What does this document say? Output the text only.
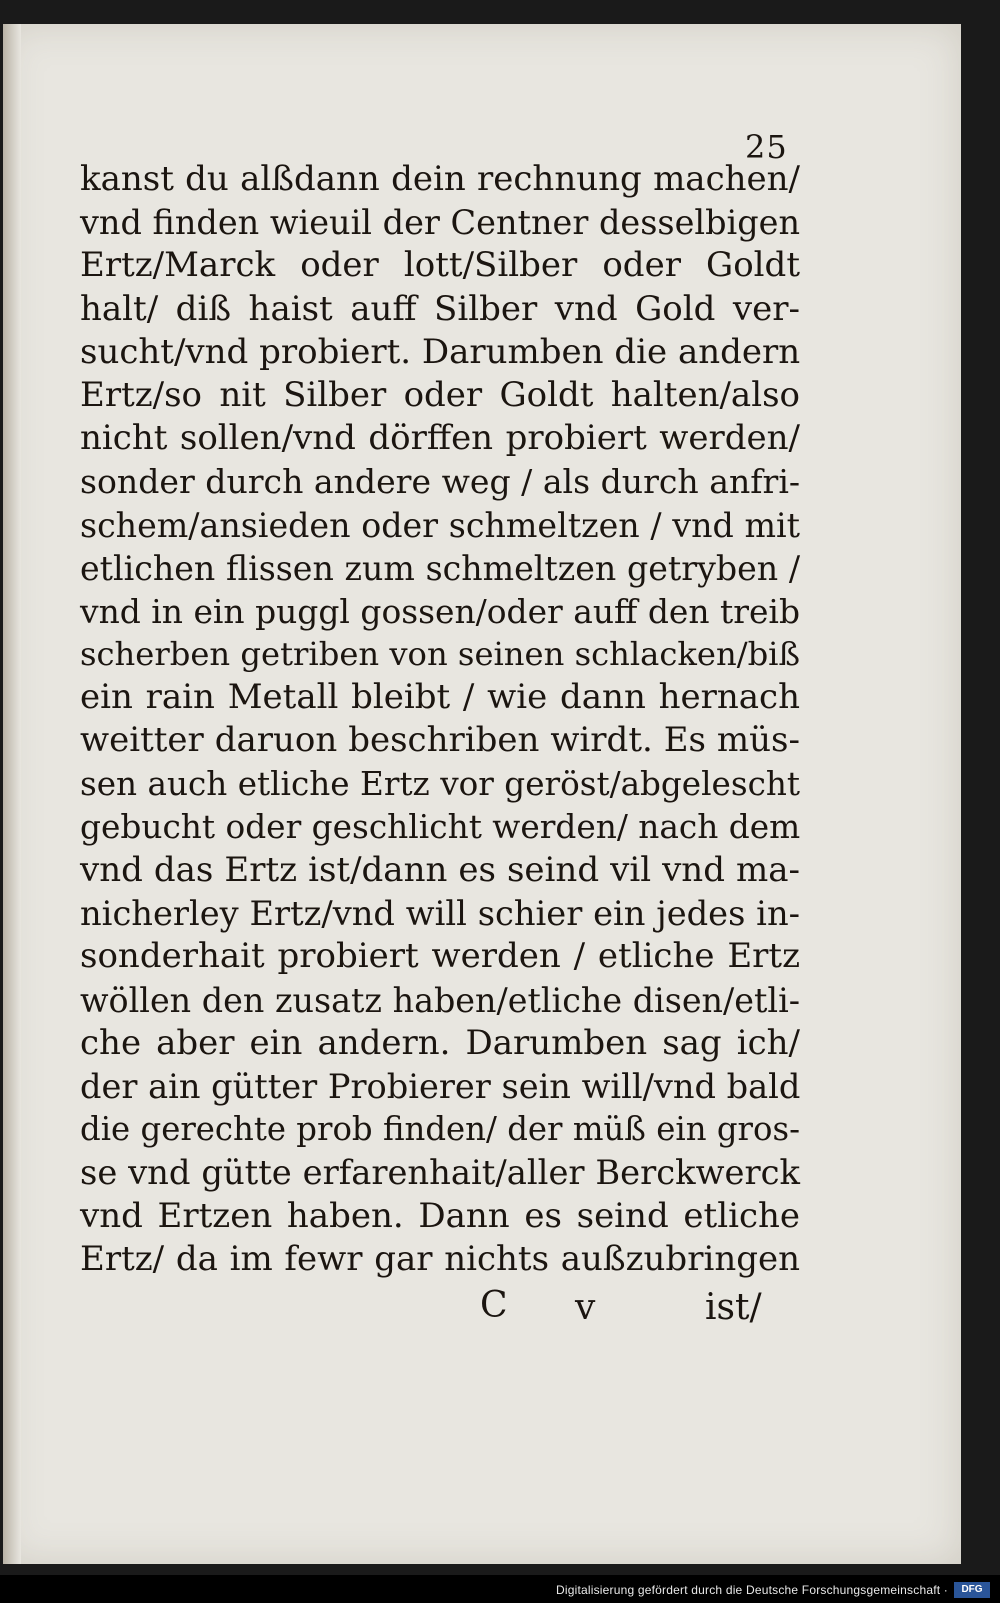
25
kanst du alßdann dein rechnung machen/
vnd finden wieuil der Centner desselbigen
Ertz/Marck oder lott/Silber oder Goldt
halt/ diß haist auff Silber vnd Gold ver-
sucht/vnd probiert. Darumben die andern
Ertz/so nit Silber oder Goldt halten/also
nicht sollen/vnd dörffen probiert werden/
sonder durch andere weg / als durch anfri-
schem/ansieden oder schmeltzen / vnd mit
etlichen flissen zum schmeltzen getryben /
vnd in ein puggl gossen/oder auff den treib
scherben getriben von seinen schlacken/biß
ein rain Metall bleibt / wie dann hernach
weitter daruon beschriben wirdt. Es müs-
sen auch etliche Ertz vor geröst/abgelescht
gebucht oder geschlicht werden/ nach dem
vnd das Ertz ist/dann es seind vil vnd ma-
nicherley Ertz/vnd will schier ein jedes in-
sonderhait probiert werden / etliche Ertz
wöllen den zusatz haben/etliche disen/etli-
che aber ein andern. Darumben sag ich/
der ain gütter Probierer sein will/vnd bald
die gerechte prob finden/ der müß ein gros-
se vnd gütte erfarenhait/aller Berckwerck
vnd Ertzen haben. Dann es seind etliche
Ertz/ da im fewr gar nichts außzubringen
C v	ist/
Digitalisierung gefördert durch die Deutsche Forschungsgemeinschaft ·	DFG
